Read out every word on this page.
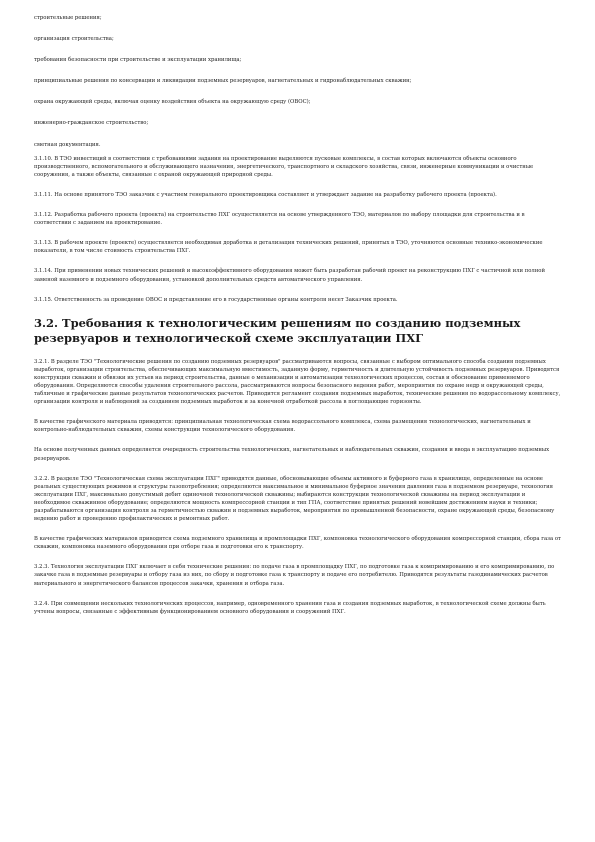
строительные решения;

организация строительства;

требования безопасности при строительстве и эксплуатации хранилища;

принципиальные решения по консервации и ликвидации подземных резервуаров, нагнетательных и гидронаблюдательных скважин;

охрана окружающей среды, включая оценку воздействия объекта на окружающую среду (ОВОС);

инженерно-гражданское строительство;

сметная документация.

3.1.10. В ТЭО инвестиций в соответствии с требованиями задания на проектирование выделяются пусковые комплексы, в состав которых включаются объекты основного производственного, вспомогательного и обслуживающего назначения, энергетического, транспортного и складского хозяйства, связи, инженерные коммуникации и очистные сооружения, а также объекты, связанные с охраной окружающей природной среды.

3.1.11. На основе принятого ТЭО заказчик с участием генерального проектировщика составляет и утверждает задание на разработку рабочего проекта (проекта).

3.1.12. Разработка рабочего проекта (проекта) на строительство ПХГ осуществляется на основе утвержденного ТЭО, материалов по выбору площадки для строительства и в соответствии с заданием на проектирование.

3.1.13. В рабочем проекте (проекте) осуществляется необходимая доработка и детализация технических решений, принятых в ТЭО, уточняются основные технико-экономические показатели, в том числе стоимость строительства ПХГ.

3.1.14. При применении новых технических решений и высокоэффективного оборудования может быть разработан рабочий проект на реконструкцию ПХГ с частичной или полной заменой наземного и подземного оборудования, установкой дополнительных средств автоматического управления.

3.1.15. Ответственность за проведение ОВОС и представление его в государственные органы контроля несет Заказчик проекта.

3.2. Требования к технологическим решениям по созданию подземных резервуаров и технологической схеме эксплуатации ПХГ

3.2.1. В разделе ТЭО "Технологические решения по созданию подземных резервуаров" рассматриваются вопросы, связанные с выбором оптимального способа создания подземных выработок, организации строительства, обеспечивающих максимальную вместимость, заданную форму, герметичность и длительную устойчивость подземных резервуаров. Приводятся конструкции скважин и обвязки их устьев на период строительства, данные о механизации и автоматизации технологических процессов, состав и обоснование применяемого оборудования. Определяются способы удаления строительного рассола, рассматриваются вопросы безопасного ведения работ, мероприятия по охране недр и окружающей среды, табличные и графические данные результатов технологических расчетов. Приводится регламент создания подземных выработок, технические решения по водорассольному комплексу, организации контроля и наблюдений за созданием подземных выработок и за конечной отработкой рассола в поглощающие горизонты.

В качестве графического материала приводятся: принципиальная технологическая схема водорассольного комплекса, схема размещения технологических, нагнетательных и контрольно-наблюдательных скважин, схемы конструкции технологического оборудования.

На основе полученных данных определяется очередность строительства технологических, нагнетательных и наблюдательных скважин, создания и ввода в эксплуатацию подземных резервуаров.

3.2.2. В разделе ТЭО "Технологическая схема эксплуатации ПХГ" приводятся данные, обосновывающие объемы активного и буферного газа в хранилище, определенные на основе реальных существующих режимов и структуры газопотребления; определяются максимальное и минимальное буферное значения давления газа в подземном резервуаре, технология эксплуатации ПХГ, максимально допустимый дебит одиночной технологической скважины; выбираются конструкции технологической скважины на период эксплуатации и необходимое скважинное оборудование; определяются мощность компрессорной станции и тип ГПА, соответствие принятых решений новейшим достижениям науки и техники; разрабатываются организация контроля за герметичностью скважин и подземных выработок, мероприятия по промышленной безопасности, охране окружающей среды, безопасному ведению работ и проведению профилактических и ремонтных работ.

В качестве графических материалов приводятся схема подземного хранилища и промплощадки ПХГ, компоновка технологического оборудования компрессорной станции, сбора газа от скважин, компоновка наземного оборудования при отборе газа и подготовки его к транспорту.

3.2.3. Технология эксплуатации ПХГ включает в себя технические решения: по подаче газа в промплощадку ПХГ, по подготовке газа к компримированию и его компримированию, по закачке газа в подземные резервуары и отбору газа из них, по сбору и подготовке газа к транспорту и подаче его потребителю. Приводятся результаты газодинамических расчетов материального и энергетического балансов процессов закачки, хранения и отбора газа.

3.2.4. При совмещении нескольких технологических процессов, например, одновременного хранения газа и создания подземных выработок, в технологической схеме должны быть учтены вопросы, связанные с эффективным функционированием основного оборудования и сооружений ПХГ.
